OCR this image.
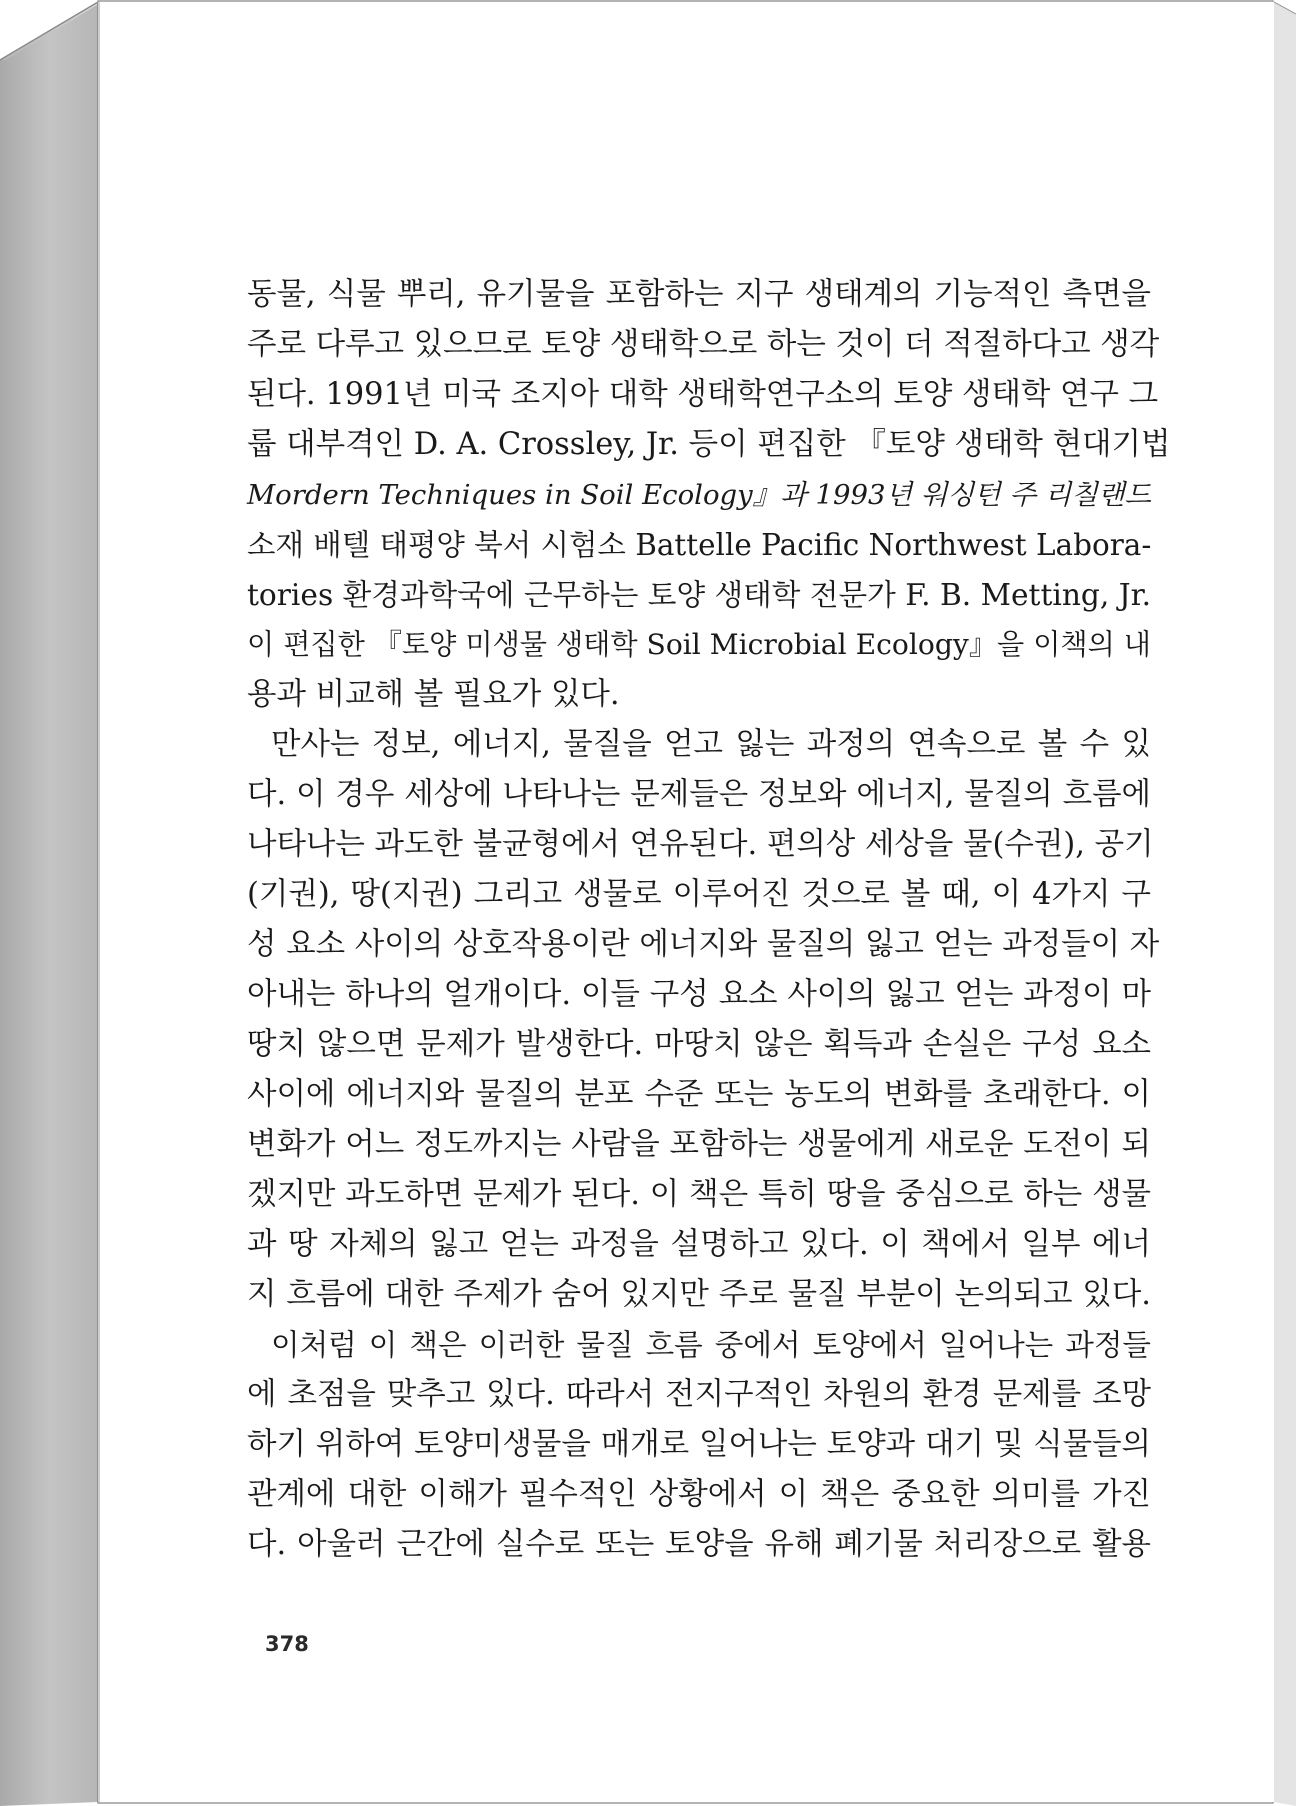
동물, 식물 뿌리, 유기물을 포함하는 지구 생태계의 기능적인 측면을
주로 다루고 있으므로 토양 생태학으로 하는 것이 더 적절하다고 생각
된다. 1991년 미국 조지아 대학 생태학연구소의 토양 생태학 연구 그
룹 대부격인 D. A. Crossley, Jr. 등이 편집한 『토양 생태학 현대기법
Mordern Techniques in Soil Ecology』과 1993년 워싱턴 주 리칠랜드
소재 배텔 태평양 북서 시험소 Battelle Pacific Northwest Labora-
tories 환경과학국에 근무하는 토양 생태학 전문가 F. B. Metting, Jr.
이 편집한 『토양 미생물 생태학 Soil Microbial Ecology』을 이책의 내
용과 비교해 볼 필요가 있다.
만사는 정보, 에너지, 물질을 얻고 잃는 과정의 연속으로 볼 수 있
다. 이 경우 세상에 나타나는 문제들은 정보와 에너지, 물질의 흐름에
나타나는 과도한 불균형에서 연유된다. 편의상 세상을 물(수권), 공기
(기권), 땅(지권) 그리고 생물로 이루어진 것으로 볼 때, 이 4가지 구
성 요소 사이의 상호작용이란 에너지와 물질의 잃고 얻는 과정들이 자
아내는 하나의 얼개이다. 이들 구성 요소 사이의 잃고 얻는 과정이 마
땅치 않으면 문제가 발생한다. 마땅치 않은 획득과 손실은 구성 요소
사이에 에너지와 물질의 분포 수준 또는 농도의 변화를 초래한다. 이
변화가 어느 정도까지는 사람을 포함하는 생물에게 새로운 도전이 되
겠지만 과도하면 문제가 된다. 이 책은 특히 땅을 중심으로 하는 생물
과 땅 자체의 잃고 얻는 과정을 설명하고 있다. 이 책에서 일부 에너
지 흐름에 대한 주제가 숨어 있지만 주로 물질 부분이 논의되고 있다.
이처럼 이 책은 이러한 물질 흐름 중에서 토양에서 일어나는 과정들
에 초점을 맞추고 있다. 따라서 전지구적인 차원의 환경 문제를 조망
하기 위하여 토양미생물을 매개로 일어나는 토양과 대기 및 식물들의
관계에 대한 이해가 필수적인 상황에서 이 책은 중요한 의미를 가진
다. 아울러 근간에 실수로 또는 토양을 유해 폐기물 처리장으로 활용
378
